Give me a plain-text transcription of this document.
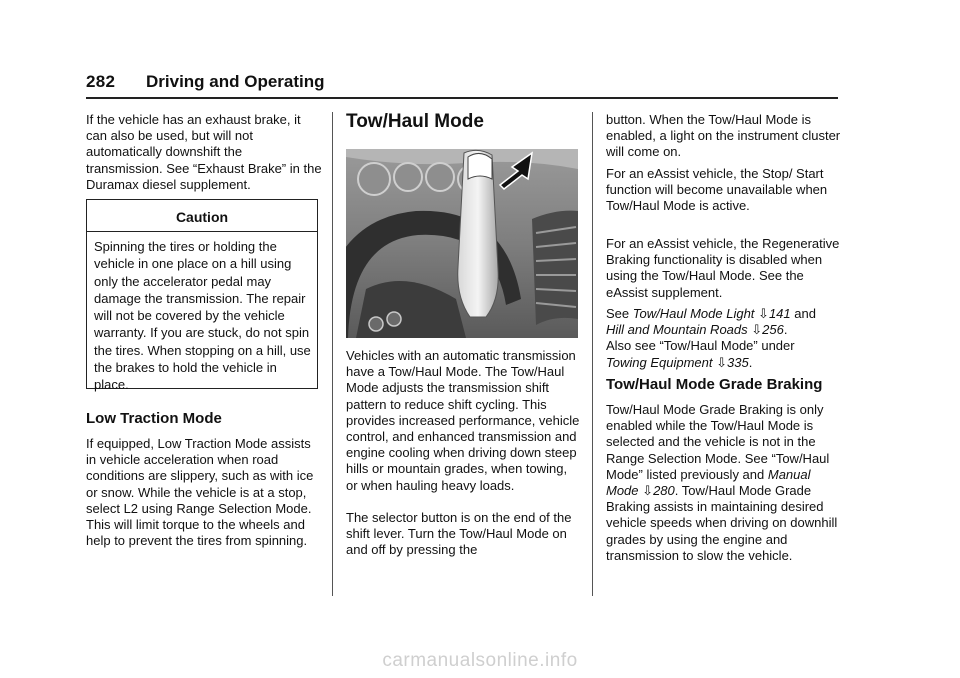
282 Driving and Operating

If the vehicle has an exhaust brake, it can also be used, but will not automatically downshift the transmission. See “Exhaust Brake” in the Duramax diesel supplement.

Caution
Spinning the tires or holding the vehicle in one place on a hill using only the accelerator pedal may damage the transmission. The repair will not be covered by the vehicle warranty. If you are stuck, do not spin the tires. When stopping on a hill, use the brakes to hold the vehicle in place.
Low Traction Mode

If equipped, Low Traction Mode assists in vehicle acceleration when road conditions are slippery, such as with ice or snow. While the vehicle is at a stop, select L2 using Range Selection Mode. This will limit torque to the wheels and help to prevent the tires from spinning.

Tow/Haul Mode

Vehicles with an automatic transmission have a Tow/Haul Mode. The Tow/Haul Mode adjusts the transmission shift pattern to reduce shift cycling. This provides increased performance, vehicle control, and enhanced transmission and engine cooling when driving down steep hills or mountain grades, when towing, or when hauling heavy loads.

The selector button is on the end of the shift lever. Turn the Tow/Haul Mode on and off by pressing the

button. When the Tow/Haul Mode is enabled, a light on the instrument cluster will come on.

For an eAssist vehicle, the Stop/ Start function will become unavailable when Tow/Haul Mode is active.

For an eAssist vehicle, the Regenerative Braking functionality is disabled when using the Tow/Haul Mode. See the eAssist supplement.

See Tow/Haul Mode Light ⇩141 and
Hill and Mountain Roads ⇩256.
Also see “Tow/Haul Mode” under
Towing Equipment ⇩335.

Tow/Haul Mode Grade Braking

Tow/Haul Mode Grade Braking is only enabled while the Tow/Haul Mode is selected and the vehicle is not in the Range Selection Mode. See “Tow/Haul Mode” listed previously and Manual Mode ⇩280. Tow/Haul Mode Grade Braking assists in maintaining desired vehicle speeds when driving on downhill grades by using the engine and transmission to slow the vehicle.

carmanualsonline.info
